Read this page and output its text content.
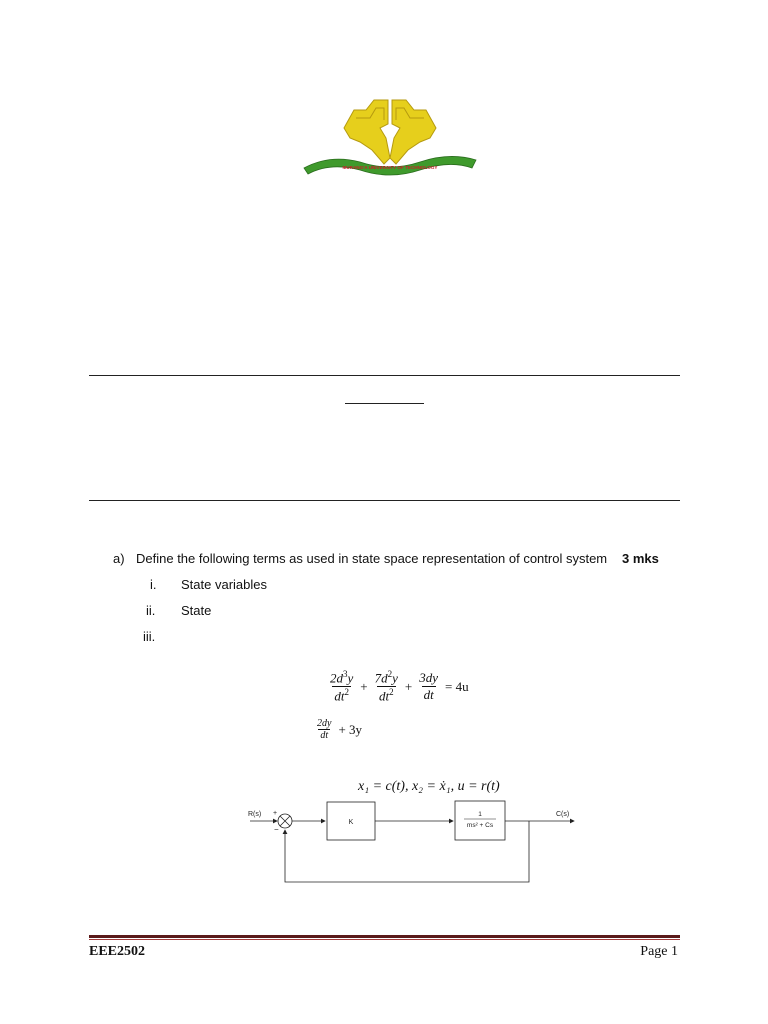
MURANG'A UNIVERSITY OF TECHNOLOGY
a) Define the following terms as used in state space representation of control system 3 mks
i. State variables
ii. State
iii.
$\frac{2d^3y}{dt^2} + \frac{7d^2y}{dt^2} + \frac{3dy}{dt} = 4u$
$\frac{2dy}{dt} + 3y$
x₁ = c(t), x₂ = ẋ₁, u = r(t)
R(s) +
−
K
1
ms² + Cs
C(s)
EEE2502	Page 1
